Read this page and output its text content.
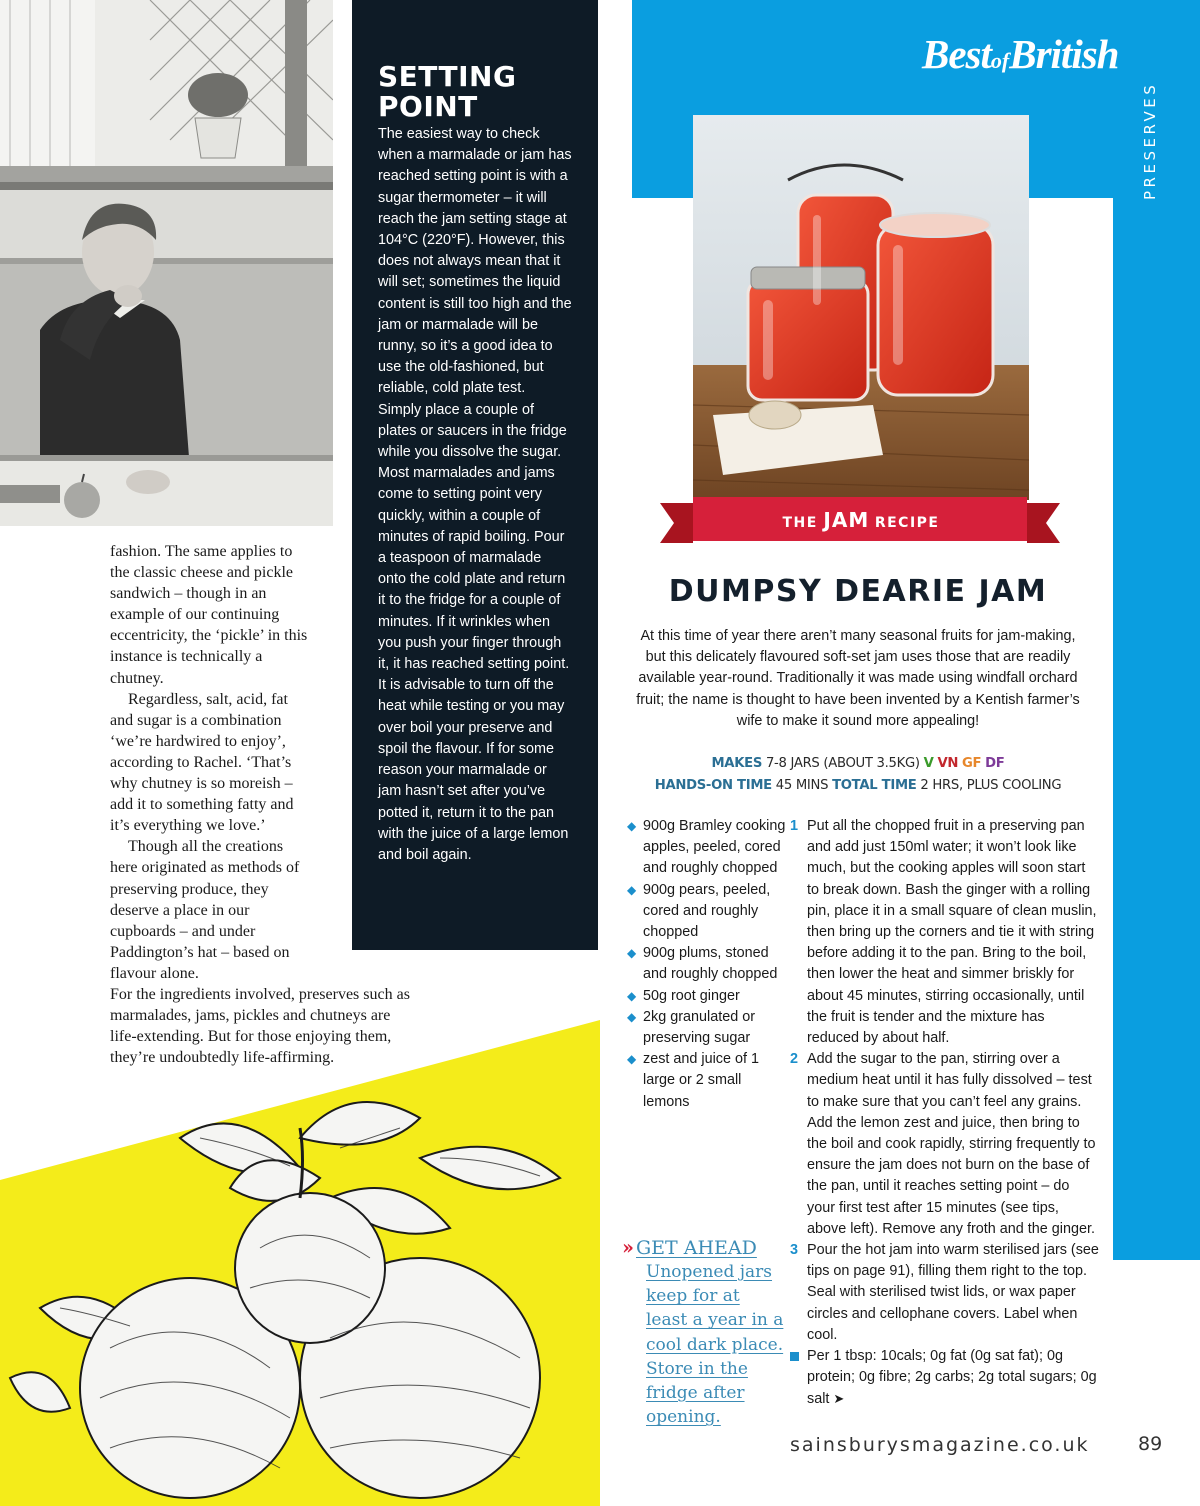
SETTING
POINT

The easiest way to check when a marmalade or jam has reached setting point is with a sugar thermometer – it will reach the jam setting stage at 104°C (220°F). However, this does not always mean that it will set; sometimes the liquid content is still too high and the jam or marmalade will be runny, so it’s a good idea to use the old-fashioned, but reliable, cold plate test. Simply place a couple of plates or saucers in the fridge while you dissolve the sugar. Most marmalades and jams come to setting point very quickly, within a couple of minutes of rapid boiling. Pour a teaspoon of marmalade onto the cold plate and return it to the fridge for a couple of minutes. If it wrinkles when you push your finger through it, it has reached setting point. It is advisable to turn off the heat while testing or you may over boil your preserve and spoil the flavour. If for some reason your marmalade or jam hasn’t set after you’ve potted it, return it to the pan with the juice of a large lemon and boil again.

fashion. The same applies to the classic cheese and pickle sandwich – though in an example of our continuing eccentricity, the ‘pickle’ in this instance is technically a chutney.

Regardless, salt, acid, fat and sugar is a combination ‘we’re hardwired to enjoy’, according to Rachel. ‘That’s why chutney is so moreish – add it to something fatty and it’s everything we love.’

Though all the creations here originated as methods of preserving produce, they deserve a place in our cupboards – and under Paddington’s hat – based on flavour alone.

For the ingredients involved, preserves such as marmalades, jams, pickles and chutneys are life-extending. But for those enjoying them, they’re undoubtedly life-affirming.

BestofBritish
PRESERVES
THE JAM RECIPE
DUMPSY DEARIE JAM

At this time of year there aren’t many seasonal fruits for jam-making, but this delicately flavoured soft-set jam uses those that are readily available year-round. Traditionally it was made using windfall orchard fruit; the name is thought to have been invented by a Kentish farmer’s wife to make it sound more appealing!

MAKES 7-8 JARS (ABOUT 3.5KG) V VN GF DF
HANDS-ON TIME 45 MINS TOTAL TIME 2 HRS, PLUS COOLING
◆ 900g Bramley cooking apples, peeled, cored and roughly chopped
◆ 900g pears, peeled, cored and roughly chopped
◆ 900g plums, stoned and roughly chopped
◆ 50g root ginger
◆ 2kg granulated or preserving sugar
◆ zest and juice of 1 large or 2 small lemons
›› GET AHEAD
Unopened jars keep for at least a year in a cool dark place. Store in the fridge after opening.
1 Put all the chopped fruit in a preserving pan and add just 150ml water; it won’t look like much, but the cooking apples will soon start to break down. Bash the ginger with a rolling pin, place it in a small square of clean muslin, then bring up the corners and tie it with string before adding it to the pan. Bring to the boil, then lower the heat and simmer briskly for about 45 minutes, stirring occasionally, until the fruit is tender and the mixture has reduced by about half.
2 Add the sugar to the pan, stirring over a medium heat until it has fully dissolved – test to make sure that you can’t feel any grains. Add the lemon zest and juice, then bring to the boil and cook rapidly, stirring frequently to ensure the jam does not burn on the base of the pan, until it reaches setting point – do your first test after 15 minutes (see tips, above left). Remove any froth and the ginger.
3 Pour the hot jam into warm sterilised jars (see tips on page 91), filling them right to the top. Seal with sterilised twist lids, or wax paper circles and cellophane covers. Label when cool.
Per 1 tbsp: 10cals; 0g fat (0g sat fat); 0g protein; 0g fibre; 2g carbs; 2g total sugars; 0g salt ➤
sainsburysmagazine.co.uk	89
